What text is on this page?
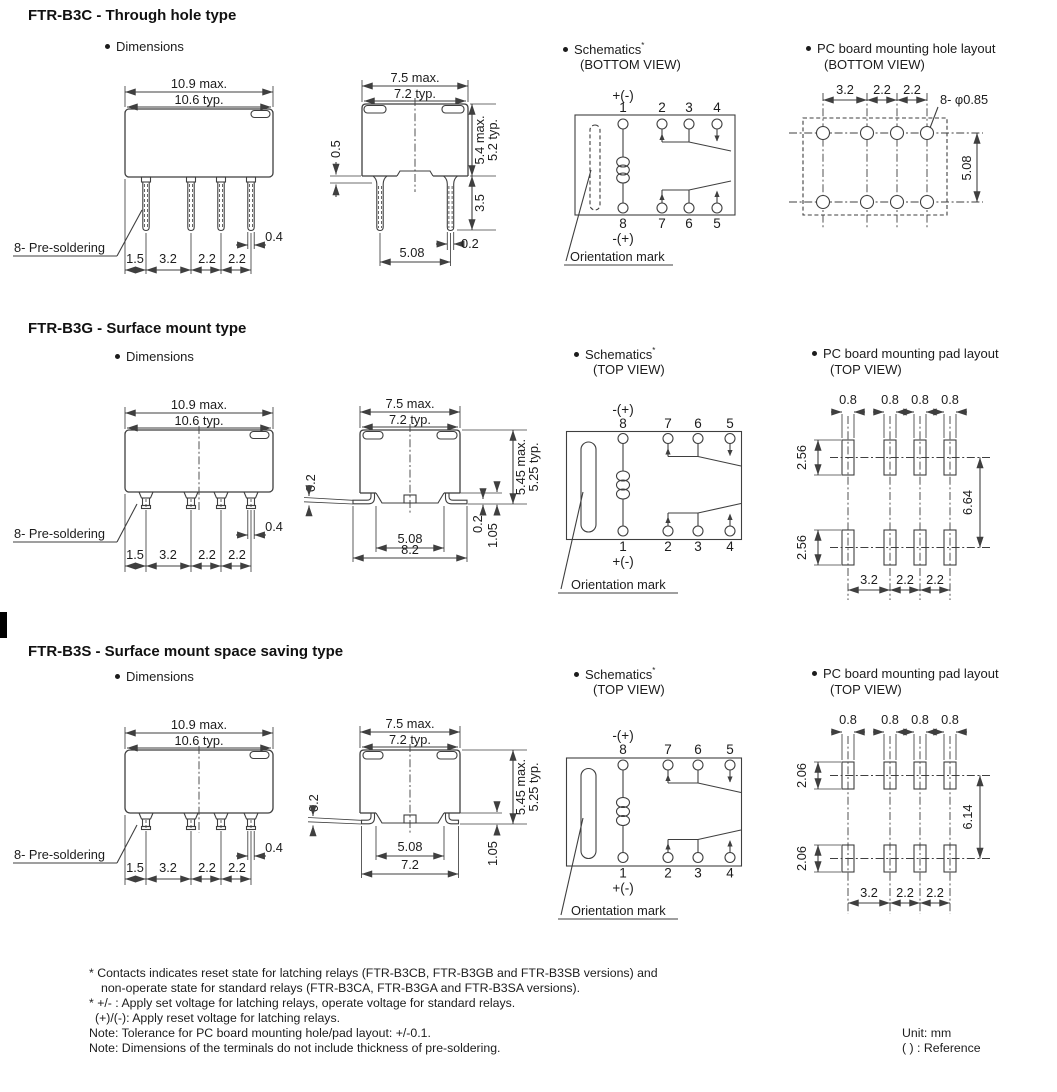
10.9 max.
10.6 typ.
0.4
1.5 3.2 2.2 2.2
8- Pre-soldering
7.5 max.
7.2 typ.
0.5	5.4 max.
5.2 typ.
3.5
0.2
5.08
+(-)
1 2 3 4
8 7 6 5
-(+)
Orientation mark
3.2 2.2 2.2
8- φ0.85
5.08
10.9 max.
10.6 typ.
0.4
1.5 3.2 2.2 2.2
8- Pre-soldering
7.5 max.
7.2 typ.
0.2	5.45 max.
5.25 typ.
0.2 1.05
5.08
8.2
-(+)
8	7 6 5
1	2 3 4
+(-)
Orientation mark
0.8 0.8 0.8 0.8
2.56
2.56
6.64
3.2 2.2 2.2
10.9 max.
10.6 typ.
0.4
1.5 3.2 2.2 2.2
8- Pre-soldering
7.5 max.
7.2 typ.
0.2	5.45 max.
5.25 typ.
1.05
5.08
7.2
-(+)
8	7 6 5
1	2 3 4
+(-)
Orientation mark
0.8 0.8 0.8 0.8
2.06
2.06
6.14
3.2 2.2 2.2
FTR-B3C - Through hole type
Dimensions	Schematics*
(BOTTOM VIEW)
PC board mounting hole layout
(BOTTOM VIEW)
FTR-B3G - Surface mount type
Dimensions	Schematics*
(TOP VIEW)
PC board mounting pad layout
(TOP VIEW)
FTR-B3S - Surface mount space saving type
Dimensions	Schematics*
(TOP VIEW)
PC board mounting pad layout
(TOP VIEW)
* Contacts indicates reset state for latching relays (FTR-B3CB, FTR-B3GB and FTR-B3SB versions) and
non-operate state for standard relays (FTR-B3CA, FTR-B3GA and FTR-B3SA versions).
* +/- : Apply set voltage for latching relays, operate voltage for standard relays.
(+)/(-): Apply reset voltage for latching relays.
Note: Tolerance for PC board mounting hole/pad layout: +/-0.1.
Note: Dimensions of the terminals do not include thickness of pre-soldering.
Unit: mm
( ) : Reference
